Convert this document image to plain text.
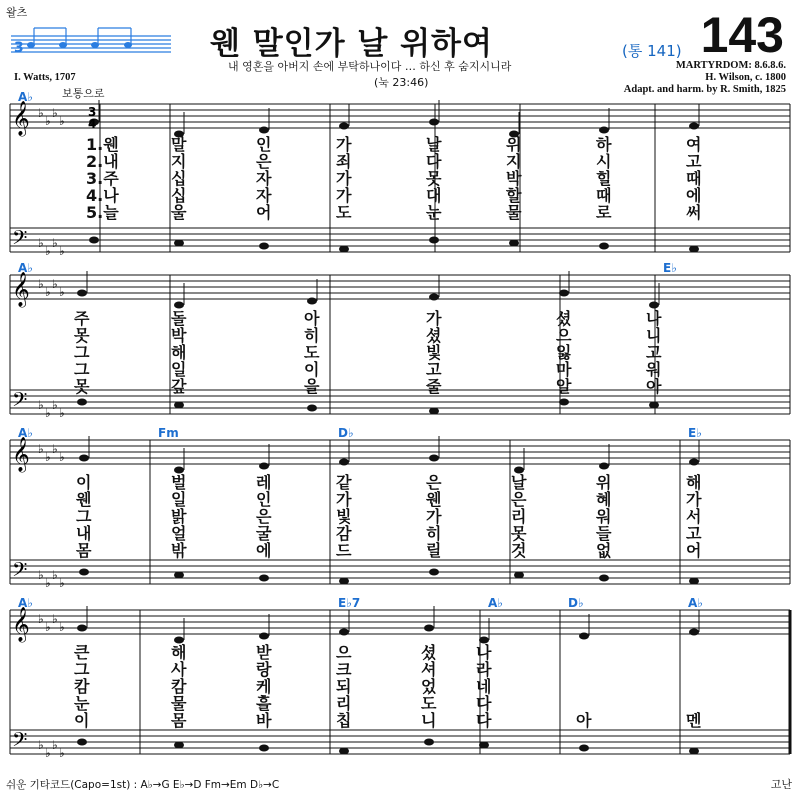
왈츠
3	웬 말인가 날 위하여
내 영혼을 아버지 손에 부탁하나이다 … 하신 후 숨지시니라
(눅 23:46)
(통 141) 143
MARTYRDOM: 8.6.8.6.
H. Wilson, c. 1800
Adapt. and harm. by R. Smith, 1825
I. Watts, 1707
보통으로
𝄞
𝄢
♭
♭
♭
♭
♭
♭
♭
♭
𝄞
𝄢
♭
♭
♭
♭
♭
♭
♭
♭
𝄞
𝄢
♭
♭
♭
♭
♭
♭
♭
♭
𝄞
𝄢
♭
♭
♭
♭
♭
♭
♭
♭
3
4
A♭
A♭	E♭
A♭	Fm	D♭	E♭
A♭	E♭7	A♭	D♭	A♭
1.웬	말	인	가	날	위	하	여
2.내	지	은	죄	다	지	시	고
3.주	십	자	가	못	박	힐	때
4.나	십	자	가	대	할	때	에
5.늘	울	어	도	눈	물	로	써
주	돌	아	가	셨	나
못	박	히	셨	으	니
그	해	도	빛	잃	고
그	일	이	고	마	워
못	갚	을	줄	알	아
이	벌	레	같	은	날	위	해
웬	일	인	가	웬	은	혜	가
그	밝	은	빛	가	리	워	서
내	얼	굴	감	히	못	들	고
몸	밖	에	드	릴	것	없	어
큰	해	받	으	셨 나
그	사	랑	크	셔 라
캄	캄	케	되	었 네
눈	물	흘	리	도 다
이	몸	바	칩	니 다	아	멘
쉬운 기타코드(Capo=1st) : A♭→G E♭→D Fm→Em D♭→C	고난
